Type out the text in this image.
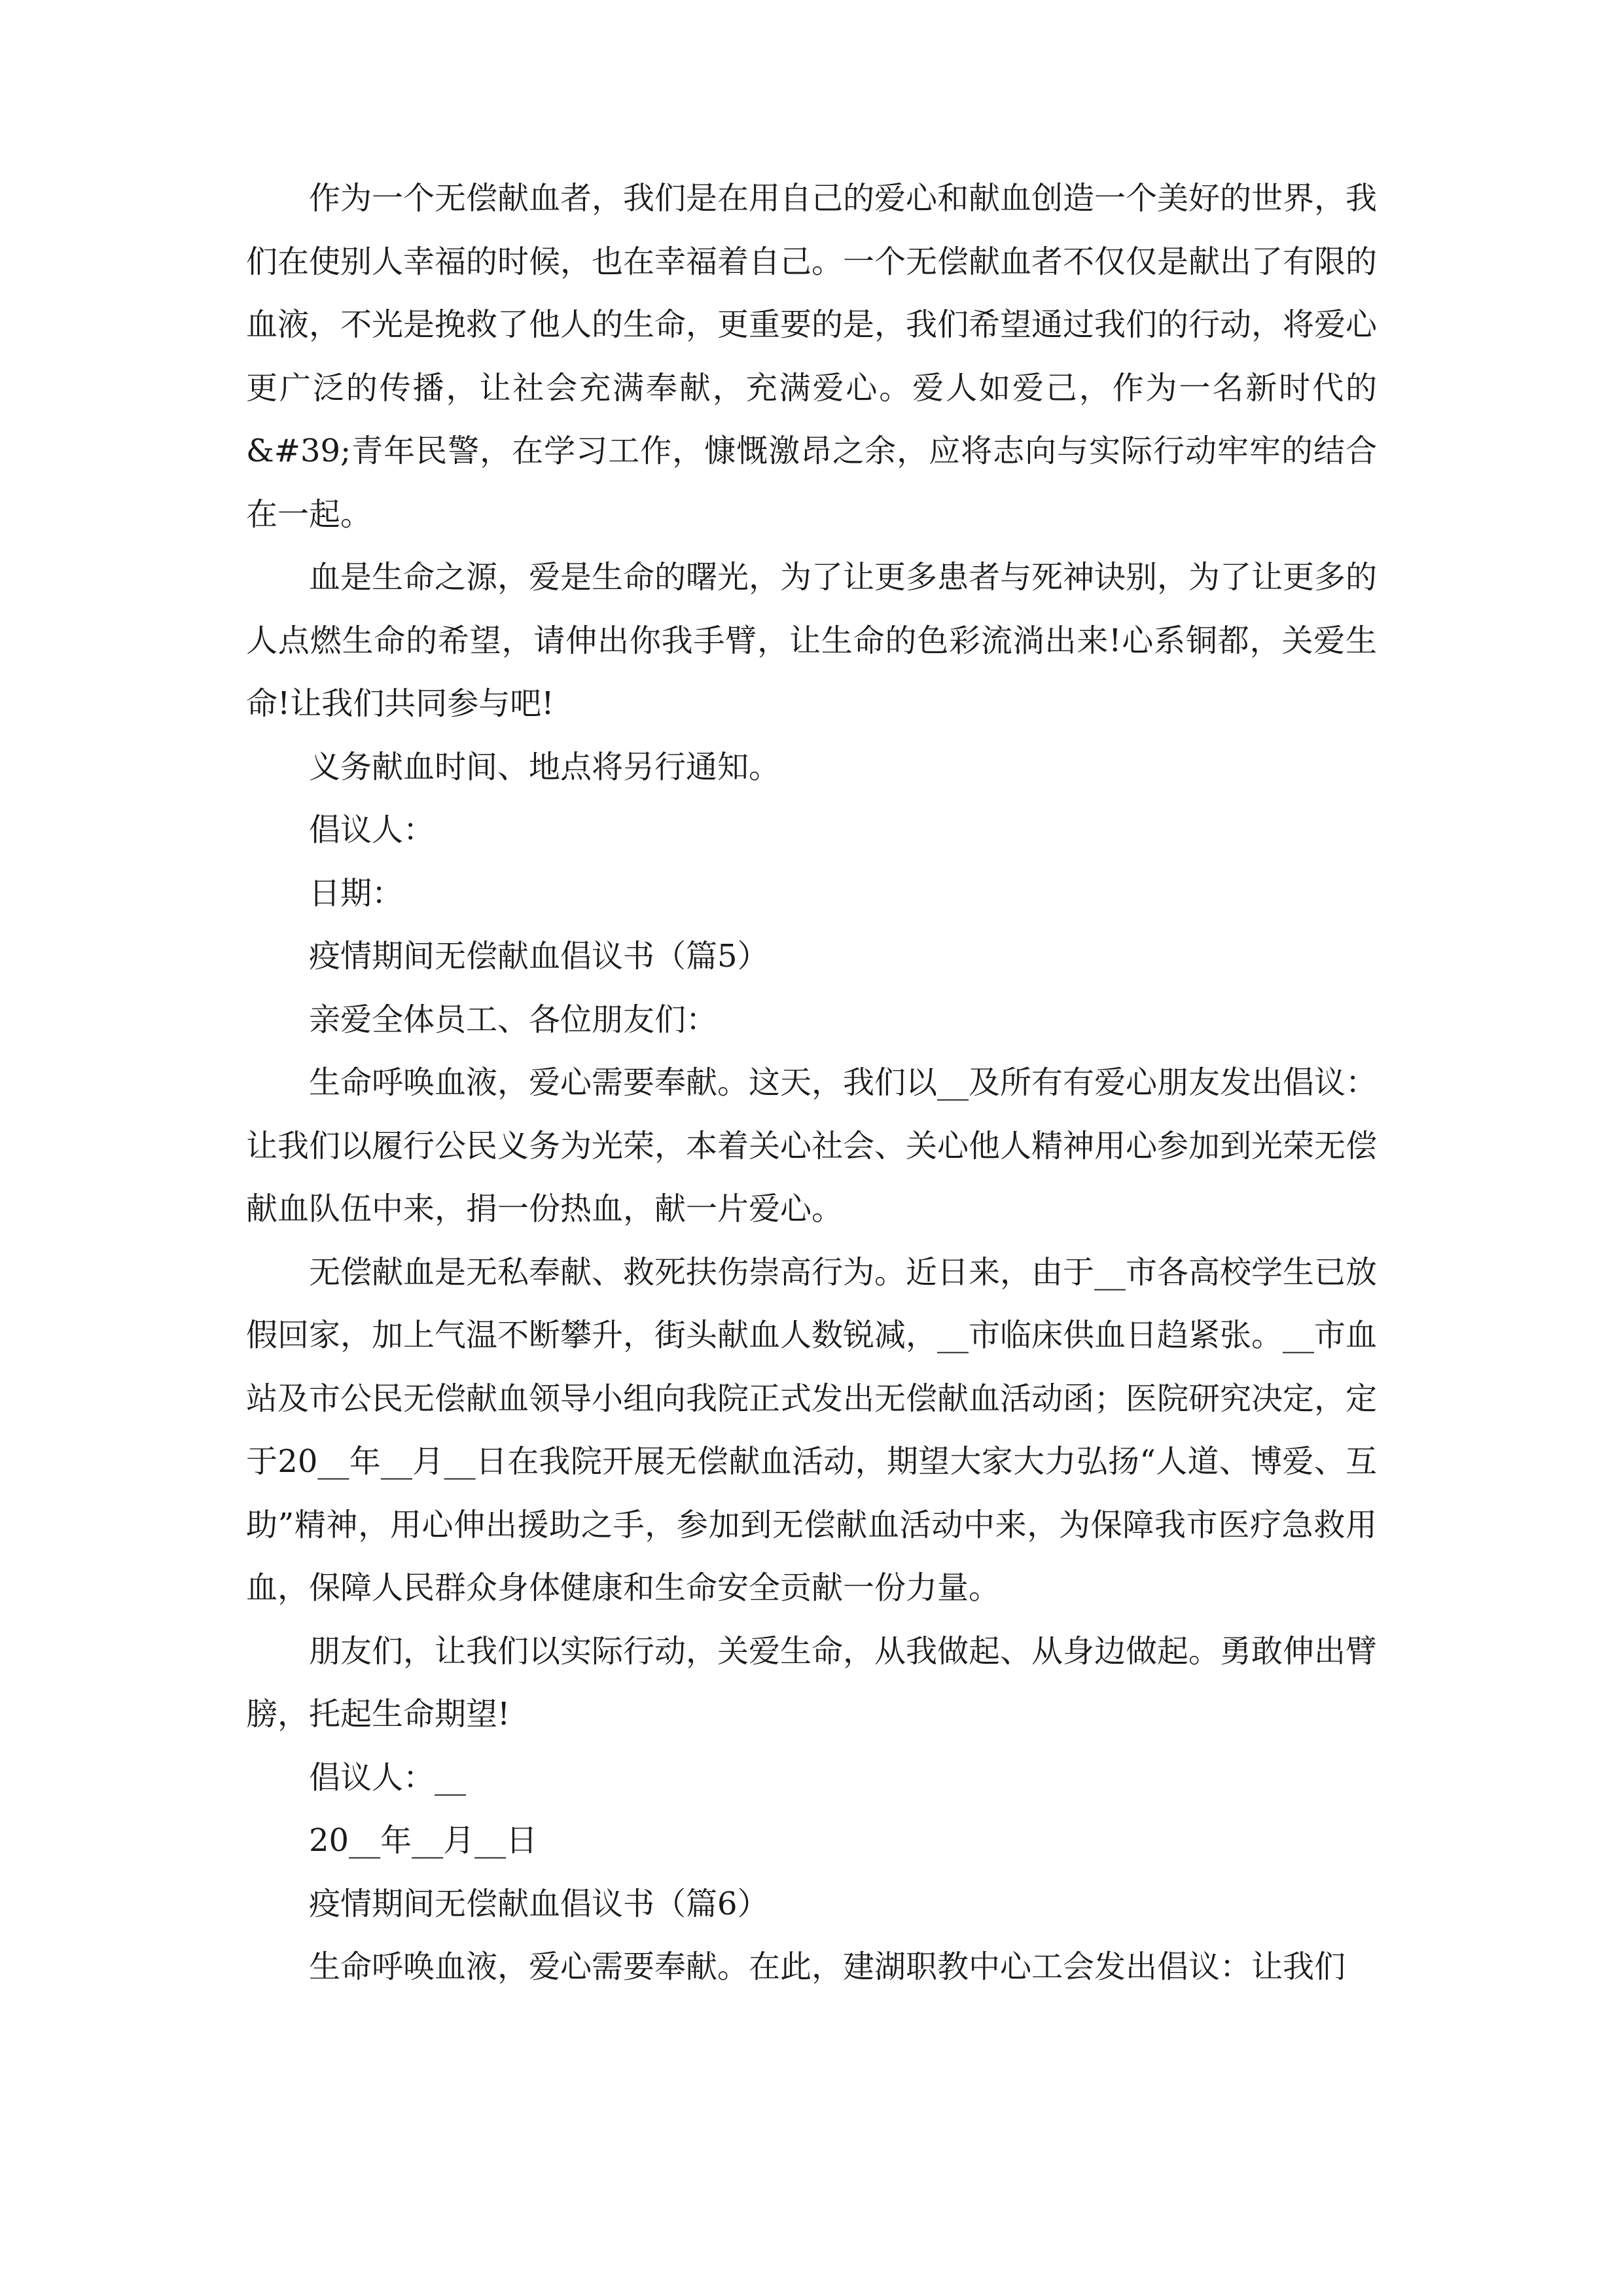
作为一个无偿献血者，我们是在用自己的爱心和献血创造一个美好的世界，我们在使别人幸福的时候，也在幸福着自己。一个无偿献血者不仅仅是献出了有限的血液，不光是挽救了他人的生命，更重要的是，我们希望通过我们的行动，将爱心更广泛的传播，让社会充满奉献，充满爱心。爱人如爱己，作为一名新时代的&#39;青年民警，在学习工作，慷慨激昂之余，应将志向与实际行动牢牢的结合在一起。

血是生命之源，爱是生命的曙光，为了让更多患者与死神诀别，为了让更多的人点燃生命的希望，请伸出你我手臂，让生命的色彩流淌出来!心系铜都，关爱生命!让我们共同参与吧!

义务献血时间、地点将另行通知。

倡议人：

日期：

疫情期间无偿献血倡议书（篇5）

亲爱全体员工、各位朋友们：

生命呼唤血液，爱心需要奉献。这天，我们以__及所有有爱心朋友发出倡议：让我们以履行公民义务为光荣，本着关心社会、关心他人精神用心参加到光荣无偿献血队伍中来，捐一份热血，献一片爱心。

无偿献血是无私奉献、救死扶伤崇高行为。近日来，由于__市各高校学生已放假回家，加上气温不断攀升，街头献血人数锐减，__市临床供血日趋紧张。__市血站及市公民无偿献血领导小组向我院正式发出无偿献血活动函；医院研究决定，定于20__年__月__日在我院开展无偿献血活动，期望大家大力弘扬“人道、博爱、互助”精神，用心伸出援助之手，参加到无偿献血活动中来，为保障我市医疗急救用血，保障人民群众身体健康和生命安全贡献一份力量。

朋友们，让我们以实际行动，关爱生命，从我做起、从身边做起。勇敢伸出臂膀，托起生命期望!

倡议人：__

20__年__月__日

疫情期间无偿献血倡议书（篇6）

生命呼唤血液，爱心需要奉献。在此，建湖职教中心工会发出倡议：让我们
